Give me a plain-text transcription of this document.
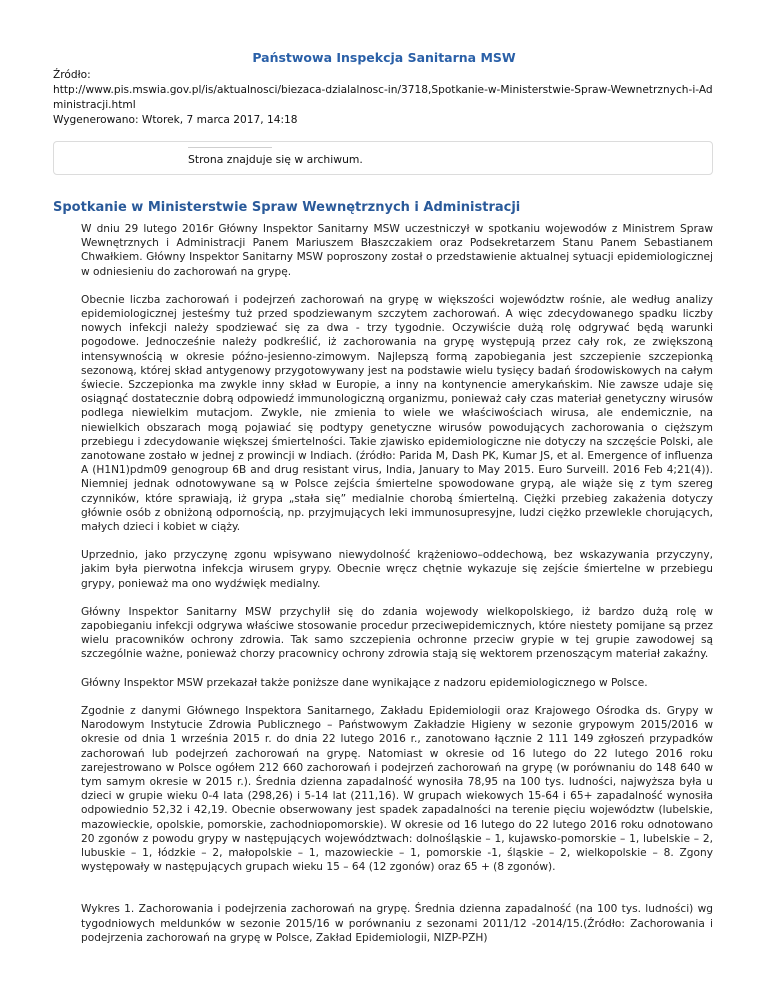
Państwowa Inspekcja Sanitarna MSW
Źródło:
http://www.pis.mswia.gov.pl/is/aktualnosci/biezaca-dzialalnosc-in/3718,Spotkanie-w-Ministerstwie-Spraw-Wewnetrznych-i-Ad
ministracji.html
Wygenerowano: Wtorek, 7 marca 2017, 14:18
Strona znajduje się w archiwum.
Spotkanie w Ministerstwie Spraw Wewnętrznych i Administracji

W dniu 29 lutego 2016r Główny Inspektor Sanitarny MSW uczestniczył w spotkaniu wojewodów z Ministrem Spraw Wewnętrznych i Administracji Panem Mariuszem Błaszczakiem oraz Podsekretarzem Stanu Panem Sebastianem Chwałkiem. Główny Inspektor Sanitarny MSW poproszony został o przedstawienie aktualnej sytuacji epidemiologicznej w odniesieniu do zachorowań na grypę.

Obecnie liczba zachorowań i podejrzeń zachorowań na grypę w większości województw rośnie, ale według analizy epidemiologicznej jesteśmy tuż przed spodziewanym szczytem zachorowań. A więc zdecydowanego spadku liczby nowych infekcji należy spodziewać się za dwa - trzy tygodnie. Oczywiście dużą rolę odgrywać będą warunki pogodowe. Jednocześnie należy podkreślić, iż zachorowania na grypę występują przez cały rok, ze zwiększoną intensywnością w okresie późno-jesienno-zimowym. Najlepszą formą zapobiegania jest szczepienie szczepionką sezonową, której skład antygenowy przygotowywany jest na podstawie wielu tysięcy badań środowiskowych na całym świecie. Szczepionka ma zwykle inny skład w Europie, a inny na kontynencie amerykańskim. Nie zawsze udaje się osiągnąć dostatecznie dobrą odpowiedź immunologiczną organizmu, ponieważ cały czas materiał genetyczny wirusów podlega niewielkim mutacjom. Zwykle, nie zmienia to wiele we właściwościach wirusa, ale endemicznie, na niewielkich obszarach mogą pojawiać się podtypy genetyczne wirusów powodujących zachorowania o cięższym przebiegu i zdecydowanie większej śmiertelności. Takie zjawisko epidemiologiczne nie dotyczy na szczęście Polski, ale zanotowane zostało w jednej z prowincji w Indiach. (źródło: Parida M, Dash PK, Kumar JS, et al. Emergence of influenza A (H1N1)pdm09 genogroup 6B and drug resistant virus, India, January to May 2015. Euro Surveill. 2016 Feb 4;21(4)). Niemniej jednak odnotowywane są w Polsce zejścia śmiertelne spowodowane grypą, ale wiąże się z tym szereg czynników, które sprawiają, iż grypa „stała się” medialnie chorobą śmiertelną. Ciężki przebieg zakażenia dotyczy głównie osób z obniżoną odpornością, np. przyjmujących leki immunosupresyjne, ludzi ciężko przewlekle chorujących, małych dzieci i kobiet w ciąży.

Uprzednio, jako przyczynę zgonu wpisywano niewydolność krążeniowo–oddechową, bez wskazywania przyczyny, jakim była pierwotna infekcja wirusem grypy. Obecnie wręcz chętnie wykazuje się zejście śmiertelne w przebiegu grypy, ponieważ ma ono wydźwięk medialny.

Główny Inspektor Sanitarny MSW przychylił się do zdania wojewody wielkopolskiego, iż bardzo dużą rolę w zapobieganiu infekcji odgrywa właściwe stosowanie procedur przeciwepidemicznych, które niestety pomijane są przez wielu pracowników ochrony zdrowia. Tak samo szczepienia ochronne przeciw grypie w tej grupie zawodowej są szczególnie ważne, ponieważ chorzy pracownicy ochrony zdrowia stają się wektorem przenoszącym materiał zakaźny.

Główny Inspektor MSW przekazał także poniższe dane wynikające z nadzoru epidemiologicznego w Polsce.

Zgodnie z danymi Głównego Inspektora Sanitarnego, Zakładu Epidemiologii oraz Krajowego Ośrodka ds. Grypy w Narodowym Instytucie Zdrowia Publicznego – Państwowym Zakładzie Higieny w sezonie grypowym 2015/2016 w okresie od dnia 1 września 2015 r. do dnia 22 lutego 2016 r., zanotowano łącznie 2 111 149 zgłoszeń przypadków zachorowań lub podejrzeń zachorowań na grypę. Natomiast w okresie od 16 lutego do 22 lutego 2016 roku zarejestrowano w Polsce ogółem 212 660 zachorowań i podejrzeń zachorowań na grypę (w porównaniu do 148 640 w tym samym okresie w 2015 r.). Średnia dzienna zapadalność wynosiła 78,95 na 100 tys. ludności, najwyższa była u dzieci w grupie wieku 0-4 lata (298,26) i 5-14 lat (211,16). W grupach wiekowych 15-64 i 65+ zapadalność wynosiła odpowiednio 52,32 i 42,19. Obecnie obserwowany jest spadek zapadalności na terenie pięciu województw (lubelskie, mazowieckie, opolskie, pomorskie, zachodniopomorskie). W okresie od 16 lutego do 22 lutego 2016 roku odnotowano 20 zgonów z powodu grypy w następujących województwach: dolnośląskie – 1, kujawsko-pomorskie – 1, lubelskie – 2, lubuskie – 1, łódzkie – 2, małopolskie – 1, mazowieckie – 1, pomorskie -1, śląskie – 2, wielkopolskie – 8. Zgony występowały w następujących grupach wieku 15 – 64 (12 zgonów) oraz 65 + (8 zgonów).

Wykres 1. Zachorowania i podejrzenia zachorowań na grypę. Średnia dzienna zapadalność (na 100 tys. ludności) wg tygodniowych meldunków w sezonie 2015/16 w porównaniu z sezonami 2011/12 -2014/15.(Źródło: Zachorowania i podejrzenia zachorowań na grypę w Polsce, Zakład Epidemiologii, NIZP-PZH)
